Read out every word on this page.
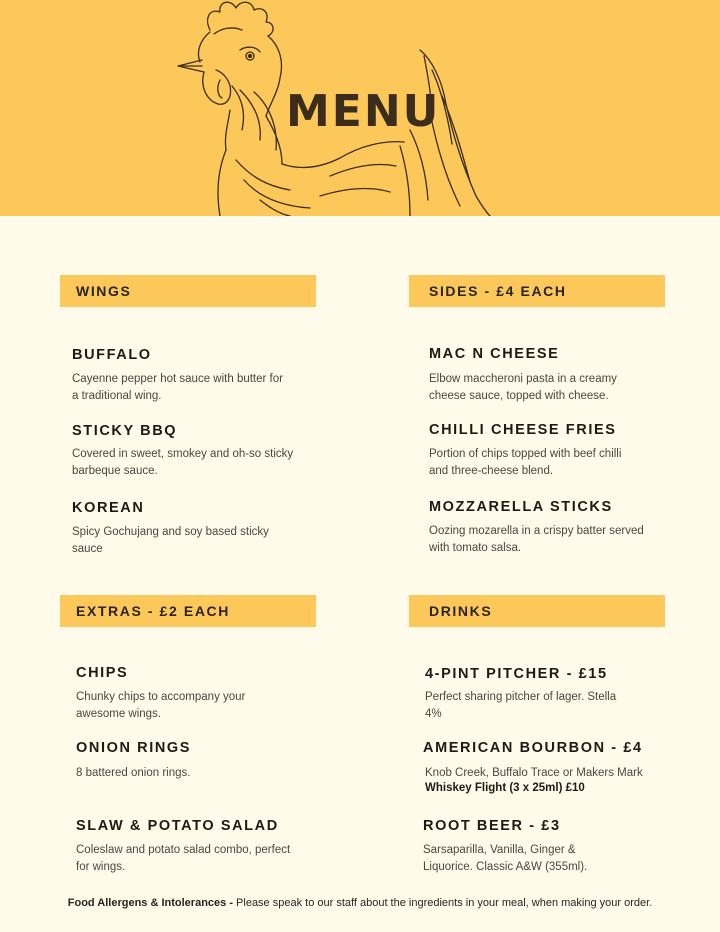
MENU
WINGS
BUFFALO
Cayenne pepper hot sauce with butter for a traditional wing.
STICKY BBQ
Covered in sweet, smokey and oh-so sticky barbeque sauce.
KOREAN
Spicy Gochujang and soy based sticky sauce
SIDES - £4 EACH
MAC N CHEESE
Elbow maccheroni pasta in a creamy cheese sauce, topped with cheese.
CHILLI CHEESE FRIES
Portion of chips topped with beef chilli and three-cheese blend.
MOZZARELLA STICKS
Oozing mozarella in a crispy batter served with tomato salsa.
EXTRAS - £2 EACH
CHIPS
Chunky chips to accompany your awesome wings.
ONION RINGS
8 battered onion rings.
SLAW & POTATO SALAD
Coleslaw and potato salad combo, perfect for wings.
DRINKS
4-PINT PITCHER - £15
Perfect sharing pitcher of lager. Stella 4%
AMERICAN BOURBON - £4
Knob Creek, Buffalo Trace or Makers Mark
Whiskey Flight (3 x 25ml) £10
ROOT BEER - £3
Sarsaparilla, Vanilla, Ginger & Liquorice. Classic A&W (355ml).
Food Allergens & Intolerances - Please speak to our staff about the ingredients in your meal, when making your order.
